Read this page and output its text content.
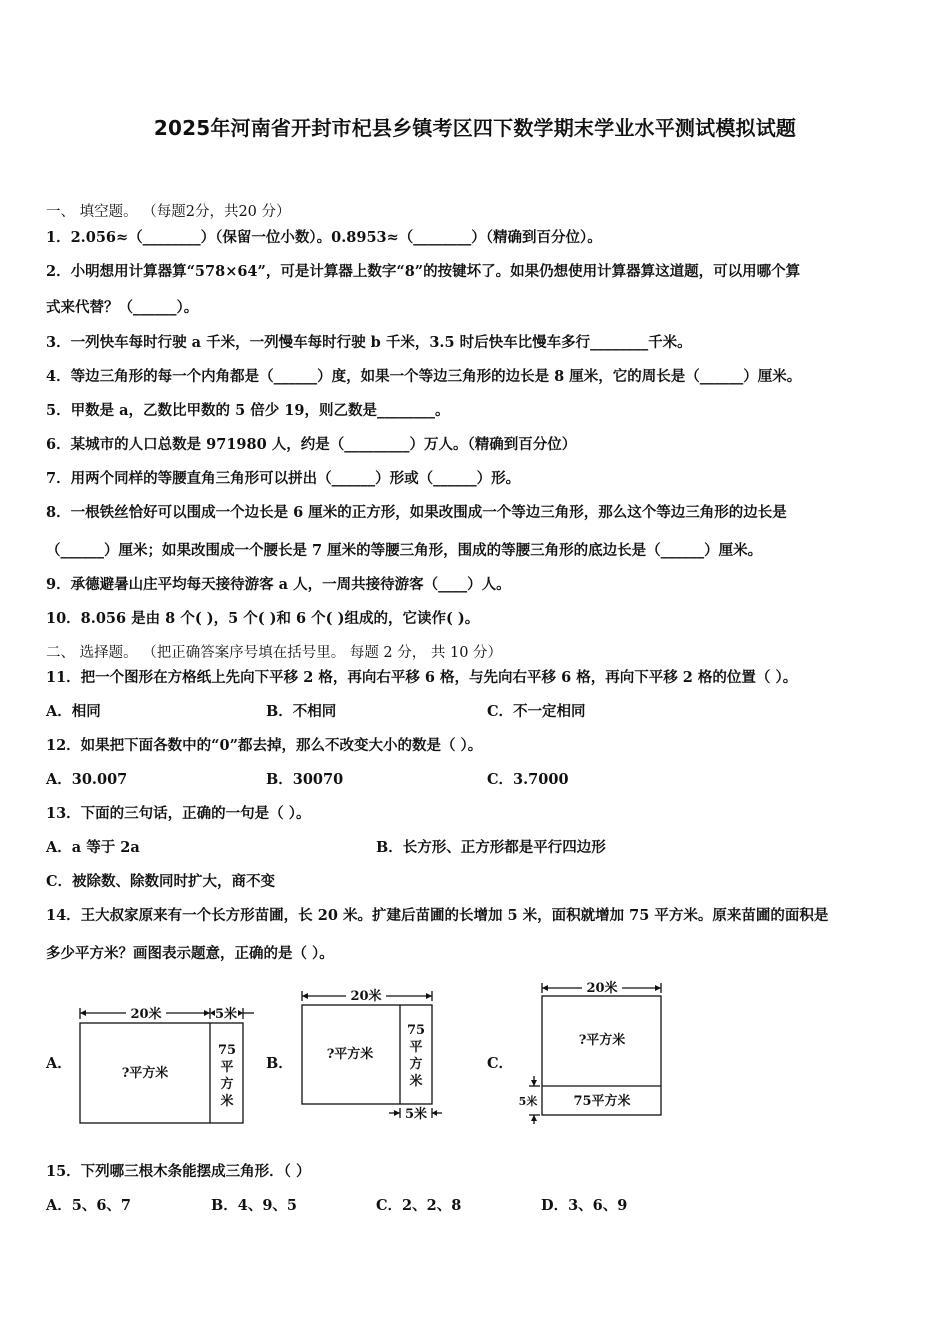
2025年河南省开封市杞县乡镇考区四下数学期末学业水平测试模拟试题
一、 填空题。 （每题2分，共20 分）
1．2.056≈（________）（保留一位小数）。0.8953≈（________）（精确到百分位）。
2．小明想用计算器算“578×64”，可是计算器上数字“8”的按键坏了。如果仍想使用计算器算这道题，可以用哪个算
式来代替？（______）。
3．一列快车每时行驶 a 千米，一列慢车每时行驶 b 千米，3.5 时后快车比慢车多行________千米。
4．等边三角形的每一个内角都是（______）度，如果一个等边三角形的边长是 8 厘米，它的周长是（______）厘米。
5．甲数是 a，乙数比甲数的 5 倍少 19，则乙数是________。
6．某城市的人口总数是 971980 人，约是（_________）万人。（精确到百分位）
7．用两个同样的等腰直角三角形可以拼出（______）形或（______）形。
8．一根铁丝恰好可以围成一个边长是 6 厘米的正方形，如果改围成一个等边三角形，那么这个等边三角形的边长是
（______）厘米；如果改围成一个腰长是 7 厘米的等腰三角形，围成的等腰三角形的底边长是（______）厘米。
9．承德避暑山庄平均每天接待游客 a 人，一周共接待游客（____）人。
10．8.056 是由 8 个( )，5 个( )和 6 个( )组成的，它读作( )。
二、 选择题。 （把正确答案序号填在括号里。 每题 2 分， 共 10 分）
11．把一个图形在方格纸上先向下平移 2 格，再向右平移 6 格，与先向右平移 6 格，再向下平移 2 格的位置（ ）。
A．相同	B．不相同	C．不一定相同
12．如果把下面各数中的“0”都去掉，那么不改变大小的数是（ ）。
A．30.007	B．30070	C．3.7000
13．下面的三句话，正确的一句是（ ）。
A．a 等于 2a	B．长方形、正方形都是平行四边形
C．被除数、除数同时扩大，商不变
14．王大叔家原来有一个长方形苗圃，长 20 米。扩建后苗圃的长增加 5 米，面积就增加 75 平方米。原来苗圃的面积是
多少平方米？画图表示题意，正确的是（ ）。
A．	B．	C．
20米	5米
?平方米
75
平
方
米
20米
5米
?平方米
75
平
方
米
20米
?平方米
5米	75平方米
15．下列哪三根木条能摆成三角形．（ ）
A．5、6、7	B．4、9、5	C．2、2、8	D．3、6、9
